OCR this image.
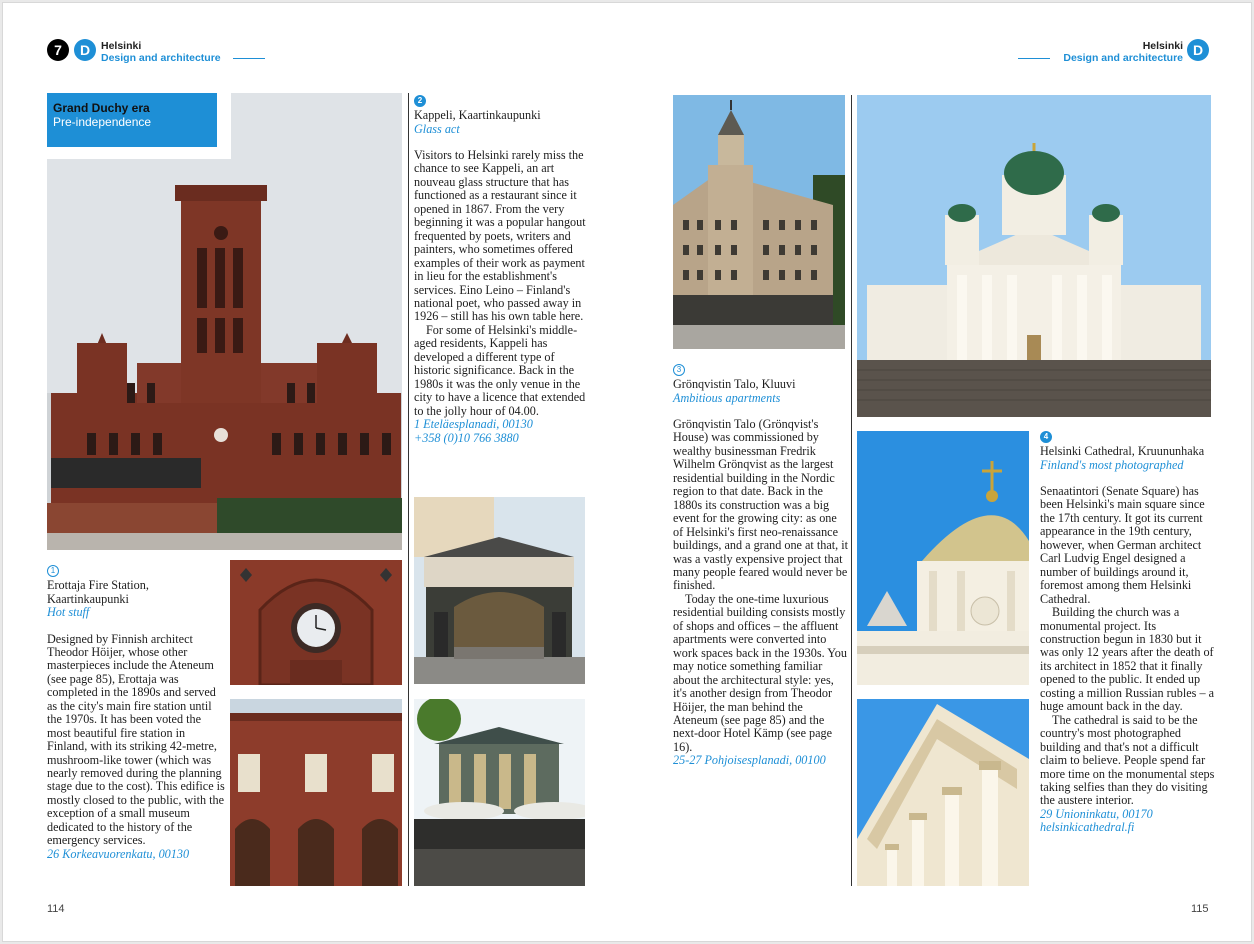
7	D	Helsinki
Design and architecture
Grand Duchy era
Pre-independence
1
Erottaja Fire Station, Kaartinkaupunki
Hot stuff

Designed by Finnish architect Theodor Höijer, whose other masterpieces include the Ateneum (see page 85), Erottaja was completed in the 1890s and served as the city's main fire station until the 1970s. It has been voted the most beautiful fire station in Finland, with its striking 42-metre, mushroom-like tower (which was nearly removed during the planning stage due to the cost). This edifice is mostly closed to the public, with the exception of a small museum dedicated to the history of the emergency services.

26 Korkeavuorenkatu, 00130
2
Kappeli, Kaartinkaupunki
Glass act

Visitors to Helsinki rarely miss the chance to see Kappeli, an art nouveau glass structure that has functioned as a restaurant since it opened in 1867. From the very beginning it was a popular hangout frequented by poets, writers and painters, who sometimes offered examples of their work as payment in lieu for the establishment's services. Eino Leino – Finland's national poet, who passed away in 1926 – still has his own table here.

For some of Helsinki's middle-aged residents, Kappeli has developed a different type of historic significance. Back in the 1980s it was the only venue in the city to have a licence that extended to the jolly hour of 04.00.

1 Eteläesplanadi, 00130
+358 (0)10 766 3880
114
Helsinki
Design and architecture D
3
Grönqvistin Talo, Kluuvi
Ambitious apartments

Grönqvistin Talo (Grönqvist's House) was commissioned by wealthy businessman Fredrik Wilhelm Grönqvist as the largest residential building in the Nordic region to that date. Back in the 1880s its construction was a big event for the growing city: as one of Helsinki's first neo-renaissance buildings, and a grand one at that, it was a vastly expensive project that many people feared would never be finished.

Today the one-time luxurious residential building consists mostly of shops and offices – the affluent apartments were converted into work spaces back in the 1930s. You may notice something familiar about the architectural style: yes, it's another design from Theodor Höijer, the man behind the Ateneum (see page 85) and the next-door Hotel Kämp (see page 16).

25-27 Pohjoisesplanadi, 00100
4
Helsinki Cathedral, Kruununhaka
Finland's most photographed

Senaatintori (Senate Square) has been Helsinki's main square since the 17th century. It got its current appearance in the 19th century, however, when German architect Carl Ludvig Engel designed a number of buildings around it, foremost among them Helsinki Cathedral.

Building the church was a monumental project. Its construction begun in 1830 but it was only 12 years after the death of its architect in 1852 that it finally opened to the public. It ended up costing a million Russian rubles – a huge amount back in the day.

The cathedral is said to be the country's most photographed building and that's not a difficult claim to believe. People spend far more time on the monumental steps taking selfies than they do visiting the austere interior.

29 Unioninkatu, 00170
helsinkicathedral.fi
115
